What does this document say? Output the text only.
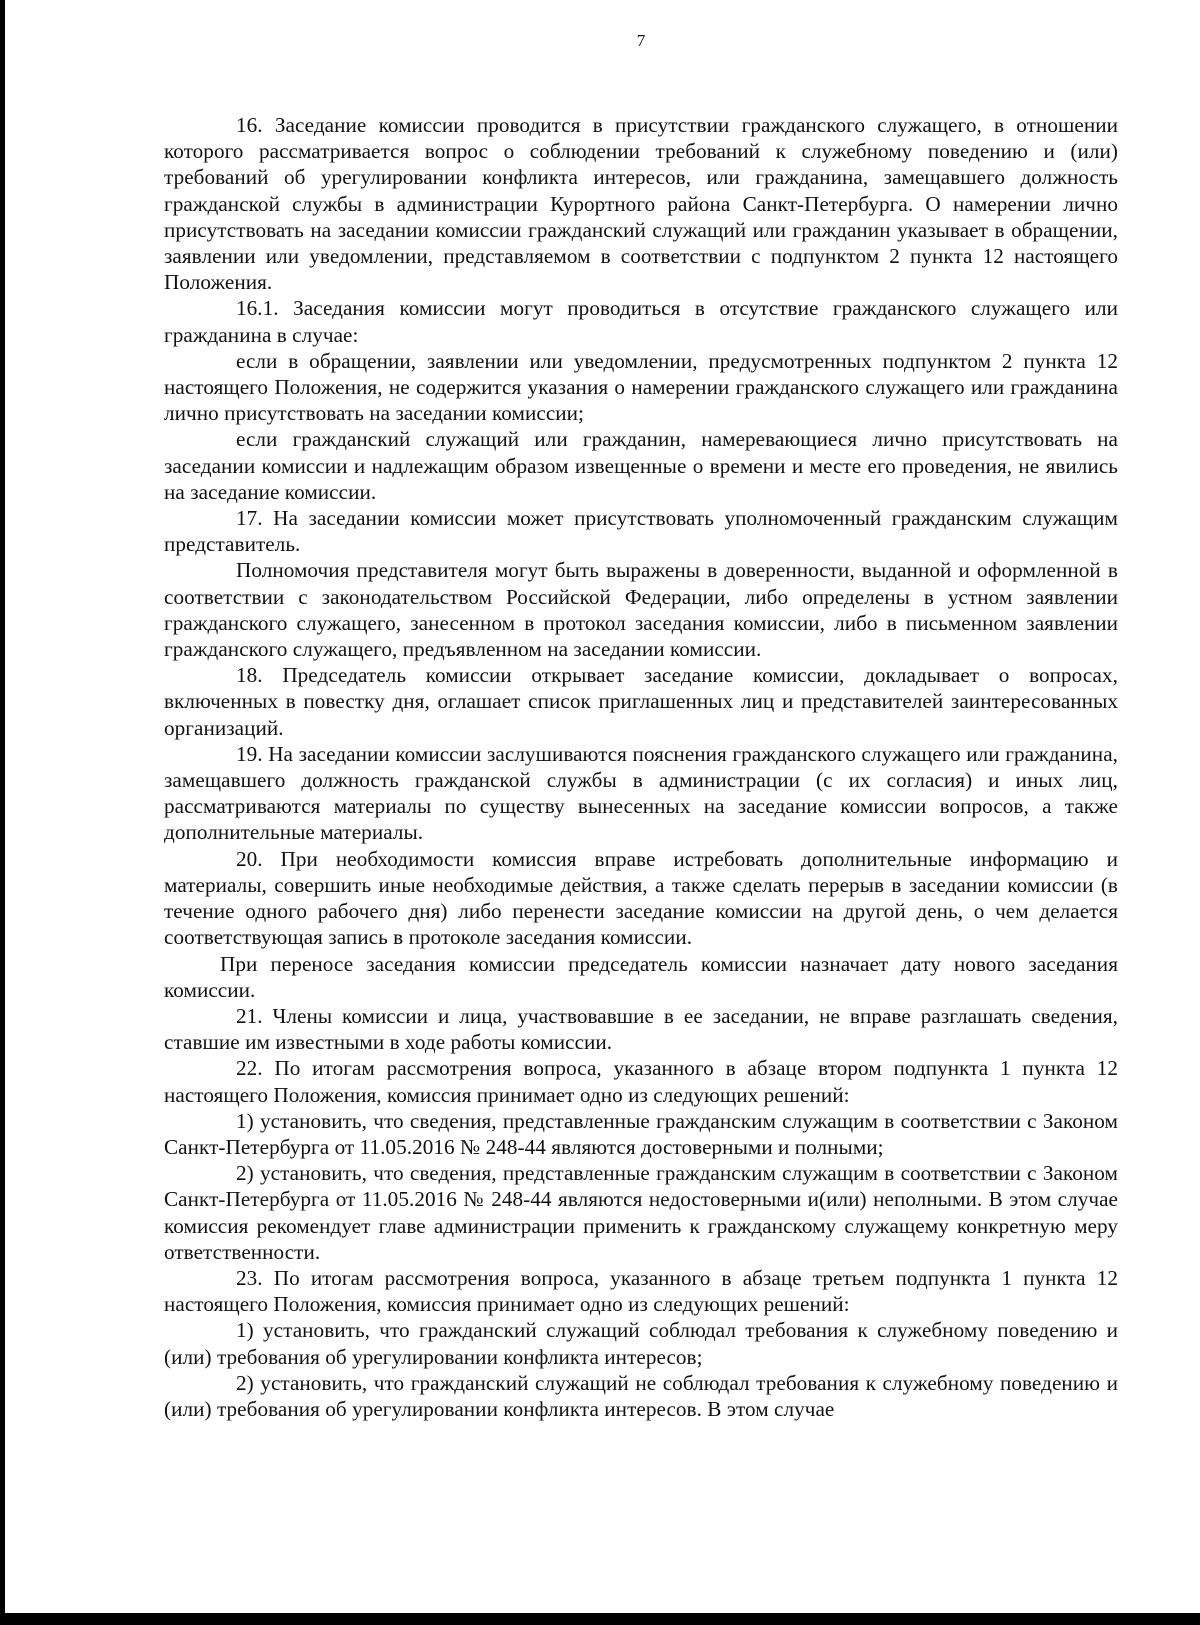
7

16. Заседание комиссии проводится в присутствии гражданского служащего, в отношении которого рассматривается вопрос о соблюдении требований к служебному поведению и (или) требований об урегулировании конфликта интересов, или гражданина, замещавшего должность гражданской службы в администрации Курортного района Санкт-Петербурга. О намерении лично присутствовать на заседании комиссии гражданский служащий или гражданин указывает в обращении, заявлении или уведомлении, представляемом в соответствии с подпунктом 2 пункта 12 настоящего Положения.

16.1. Заседания комиссии могут проводиться в отсутствие гражданского служащего или гражданина в случае:

если в обращении, заявлении или уведомлении, предусмотренных подпунктом 2 пункта 12 настоящего Положения, не содержится указания о намерении гражданского служащего или гражданина лично присутствовать на заседании комиссии;

если гражданский служащий или гражданин, намеревающиеся лично присутствовать на заседании комиссии и надлежащим образом извещенные о времени и месте его проведения, не явились на заседание комиссии.

17. На заседании комиссии может присутствовать уполномоченный гражданским служащим представитель.

Полномочия представителя могут быть выражены в доверенности, выданной и оформленной в соответствии с законодательством Российской Федерации, либо определены в устном заявлении гражданского служащего, занесенном в протокол заседания комиссии, либо в письменном заявлении гражданского служащего, предъявленном на заседании комиссии.

18. Председатель комиссии открывает заседание комиссии, докладывает о вопросах, включенных в повестку дня, оглашает список приглашенных лиц и представителей заинтересованных организаций.

19. На заседании комиссии заслушиваются пояснения гражданского служащего или гражданина, замещавшего должность гражданской службы в администрации (с их согласия) и иных лиц, рассматриваются материалы по существу вынесенных на заседание комиссии вопросов, а также дополнительные материалы.

20. При необходимости комиссия вправе истребовать дополнительные информацию и материалы, совершить иные необходимые действия, а также сделать перерыв в заседании комиссии (в течение одного рабочего дня) либо перенести заседание комиссии на другой день, о чем делается соответствующая запись в протоколе заседания комиссии.

При переносе заседания комиссии председатель комиссии назначает дату нового заседания комиссии.

21. Члены комиссии и лица, участвовавшие в ее заседании, не вправе разглашать сведения, ставшие им известными в ходе работы комиссии.

22. По итогам рассмотрения вопроса, указанного в абзаце втором подпункта 1 пункта 12 настоящего Положения, комиссия принимает одно из следующих решений:

1) установить, что сведения, представленные гражданским служащим в соответствии с Законом Санкт-Петербурга от 11.05.2016 № 248-44 являются достоверными и полными;

2) установить, что сведения, представленные гражданским служащим в соответствии с Законом Санкт-Петербурга от 11.05.2016 № 248-44 являются недостоверными и(или) неполными. В этом случае комиссия рекомендует главе администрации применить к гражданскому служащему конкретную меру ответственности.

23. По итогам рассмотрения вопроса, указанного в абзаце третьем подпункта 1 пункта 12 настоящего Положения, комиссия принимает одно из следующих решений:

1) установить, что гражданский служащий соблюдал требования к служебному поведению и (или) требования об урегулировании конфликта интересов;

2) установить, что гражданский служащий не соблюдал требования к служебному поведению и (или) требования об урегулировании конфликта интересов. В этом случае
